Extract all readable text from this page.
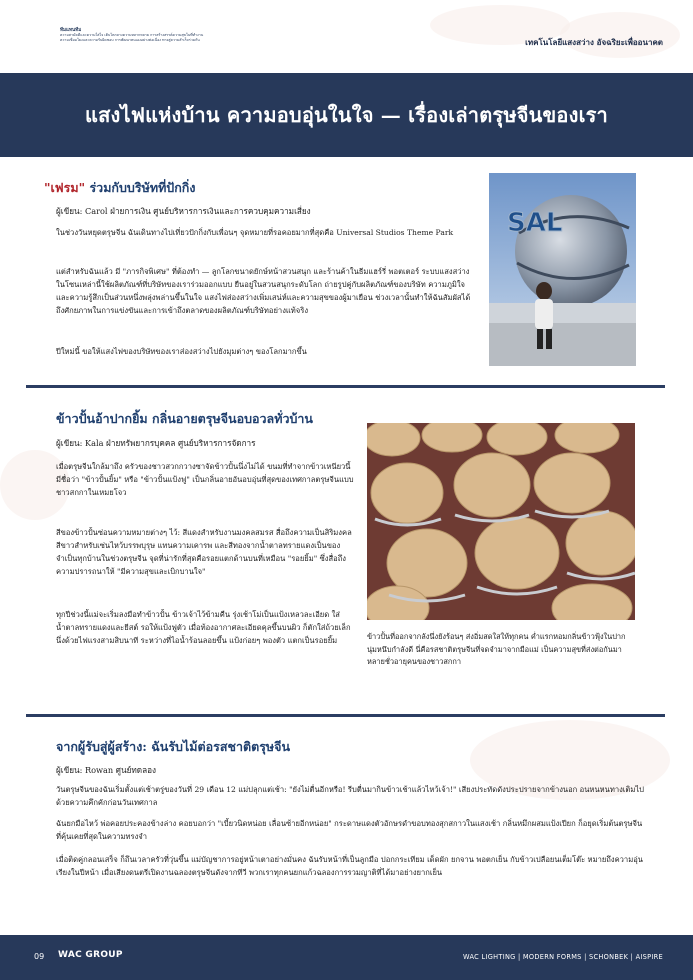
ทีมแทนทีม
ความสามัคคีและความใส่ใจ เติบโตกลางความหลากหลาย การสร้างสรรค์ความสุขในที่ทำงาน
ความเชื่อมโยงและความรับผิดชอบ การพัฒนาตนเองอย่างต่อเนื่อง ทางสู่ความสำเร็จร่วมกัน	เทคโนโลยีแสงสว่าง อัจฉริยะเพื่ออนาคต
แสงไฟแห่งบ้าน ความอบอุ่นในใจ — เรื่องเล่าตรุษจีนของเรา
"เฟรม" ร่วมกับบริษัทที่ปักกิ่ง
ผู้เขียน: Carol ฝ่ายการเงิน ศูนย์บริหารการเงินและการควบคุมความเสี่ยง
ในช่วงวันหยุดตรุษจีน ฉันเดินทางไปเที่ยวปักกิ่งกับเพื่อนๆ จุดหมายที่รอคอยมากที่สุดคือ Universal Studios Theme Park
แต่สำหรับฉันแล้ว มี "ภารกิจพิเศษ" ที่ต้องทำ — ลูกโลกขนาดยักษ์หน้าสวนสนุก และร้านค้าในธีมแฮร์รี่ พอตเตอร์ ระบบแสงสว่างในโซนเหล่านี้ใช้ผลิตภัณฑ์ที่บริษัทของเราร่วมออกแบบ ยืนอยู่ในสวนสนุกระดับโลก ถ่ายรูปคู่กับผลิตภัณฑ์ของบริษัท ความภูมิใจและความรู้สึกเป็นส่วนหนึ่งพลุ่งพล่านขึ้นในใจ แสงไฟส่องสว่างเพิ่มเสน่ห์และความสุขของผู้มาเยือน ช่วงเวลานั้นทำให้ฉันสัมผัสได้ถึงศักยภาพในการแข่งขันและการเข้าถึงตลาดของผลิตภัณฑ์บริษัทอย่างแท้จริง
ปีใหม่นี้ ขอให้แสงไฟของบริษัทของเราส่องสว่างไปยังมุมต่างๆ ของโลกมากขึ้น
SAL
ข้าวปั้นอ้าปากยิ้ม กลิ่นอายตรุษจีนอบอวลทั่วบ้าน
ผู้เขียน: Kala ฝ่ายทรัพยากรบุคคล ศูนย์บริหารการจัดการ
เมื่อตรุษจีนใกล้มาถึง ครัวของชาวสวกกวางซาจัดข้าวปั้นนึ่งไม่ได้ ขนมที่ทำจากข้าวเหนียวนี้มีชื่อว่า "ข้าวปั้นยิ้ม" หรือ "ข้าวปั้นแป้งฟู" เป็นกลิ่นอายอันอบอุ่นที่สุดของเทศกาลตรุษจีนแบบชาวสกกาในเหมยโจว
สีของข้าวปั้นซ่อนความหมายต่างๆ ไว้: สีแดงสำหรับงานมงคลสมรส สื่อถึงความเป็นสิริมงคล สีขาวสำหรับเซ่นไหว้บรรพบุรุษ แทนความเคารพ และสีทองจากน้ำตาลทรายแดงเป็นของจำเป็นทุกบ้านในช่วงตรุษจีน จุดที่น่ารักที่สุดคือรอยแตกด้านบนที่เหมือน "รอยยิ้ม" ซึ่งสื่อถึงความปรารถนาให้ "มีความสุขและเบิกบานใจ"
ทุกปีช่วงนี้แม่จะเริ่มลงมือทำข้าวปั้น ข้าวเจ้าไว้ข้ามคืน รุ่งเช้าโม่เป็นแป้งเหลวละเอียด ใส่น้ำตาลทรายแดงและยีสต์ รอให้แป้งฟูตัว เมื่อท้องอากาศละเอียดคุลขึ้นบนผิว ก็ตักใส่ถ้วยเล็ก นึ่งด้วยไฟแรงสามสิบนาที ระหว่างที่ไอน้ำร้อนลอยขึ้น แป้งก่อยๆ พองตัว แตกเป็นรอยยิ้ม	ข้าวปั้นที่ออกจากลังนึ่งยังร้อนๆ ส่งอิ่มสดใสให้ทุกคน ค่ำแรกหอมกลิ่นข้าวฟุ้งในปาก นุ่มหนึบกำลังดี นี่คือรสชาติตรุษจีนที่จดจำมาจากมือแม่ เป็นความสุขที่ส่งต่อกันมาหลายชั่วอายุคนของชาวสกกา
จากผู้รับสู่ผู้สร้าง: ฉันรับไม้ต่อรสชาติตรุษจีน
ผู้เขียน: Rowan ศูนย์ทดลอง
วันตรุษจีนของฉันเริ่มตั้งแต่เช้าตรู่ของวันที่ 29 เดือน 12 แม่ปลุกแต่เช้า: "ยังไม่ตื่นอีกหรือ! รีบตื่นมากินข้าวเช้าแล้วไหว้เจ้า!" เสียงประทัดดังประปรายจากข้างนอก อนหนหนทางเติมไปด้วยความคึกคักก่อนวันเทศกาล
ฉันยกมือไหว้ พ่อคอยประคองข้างล่าง คอยบอกว่า "เบี้ยวนิดหน่อย เลื่อนซ้ายอีกหน่อย" กระดาษแดงตัวอักษรดำขอบทองสุกสกาวในแสงเช้า กลิ่นหมึกผสมแป้งเปียก ก็อยุดเริ่มต้นตรุษจีนที่คุ้นเคยที่สุดในความทรงจำ
เมื่อติดคู่กลอนเสร็จ ก็ถึนเวลาครัวที่วุ่นขึ้น แม่บัญชาการอยู่หน้าเตาอย่างมั่นคง ฉันรับหน้าที่เป็นลูกมือ ปอกกระเทียม เด็ดผัก ยกจาน พอตกเย็น กับข้าวเปลือยนเต็มโต๊ะ หมายถึงความอุ่นเรียงในปีหน้า เมื่อเสียงดนตรีเปิดงานฉลองตรุษจีนดังจากทีวี พวกเราทุกคนยกแก้วฉลองการรวมญาติที่ได้มาอย่างยากเย็น
09 WAC GROUP	WAC LIGHTING | MODERN FORMS | SCHONBEK | AISPIRE
